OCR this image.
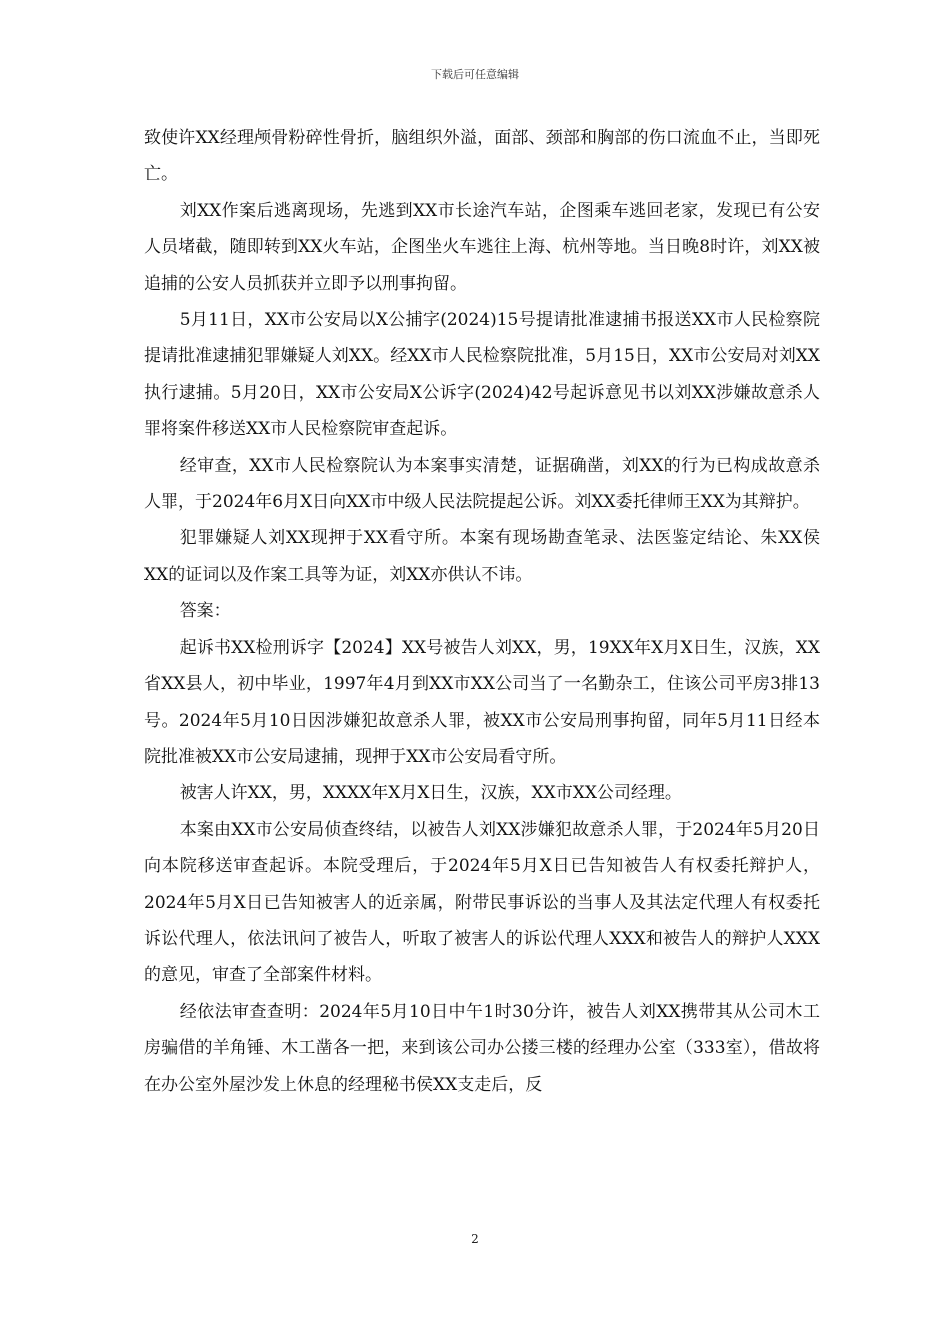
下载后可任意编辑

致使许XX经理颅骨粉碎性骨折，脑组织外溢，面部、颈部和胸部的伤口流血不止，当即死亡。

刘XX作案后逃离现场，先逃到XX市长途汽车站，企图乘车逃回老家，发现已有公安人员堵截，随即转到XX火车站，企图坐火车逃往上海、杭州等地。当日晚8时许，刘XX被追捕的公安人员抓获并立即予以刑事拘留。

5月11日，XX市公安局以X公捕字(2024)15号提请批准逮捕书报送XX市人民检察院提请批准逮捕犯罪嫌疑人刘XX。经XX市人民检察院批准，5月15日，XX市公安局对刘XX执行逮捕。5月20日，XX市公安局X公诉字(2024)42号起诉意见书以刘XX涉嫌故意杀人罪将案件移送XX市人民检察院审查起诉。

经审查，XX市人民检察院认为本案事实清楚，证据确凿，刘XX的行为已构成故意杀人罪，于2024年6月X日向XX市中级人民法院提起公诉。刘XX委托律师王XX为其辩护。

犯罪嫌疑人刘XX现押于XX看守所。本案有现场勘查笔录、法医鉴定结论、朱XX侯XX的证词以及作案工具等为证，刘XX亦供认不讳。

答案：

起诉书XX检刑诉字【2024】XX号被告人刘XX，男，19XX年X月X日生，汉族，XX省XX县人，初中毕业，1997年4月到XX市XX公司当了一名勤杂工，住该公司平房3排13号。2024年5月10日因涉嫌犯故意杀人罪，被XX市公安局刑事拘留，同年5月11日经本院批准被XX市公安局逮捕，现押于XX市公安局看守所。

被害人许XX，男，XXXX年X月X日生，汉族，XX市XX公司经理。

本案由XX市公安局侦查终结，以被告人刘XX涉嫌犯故意杀人罪，于2024年5月20日向本院移送审查起诉。本院受理后，于2024年5月X日已告知被告人有权委托辩护人，2024年5月X日已告知被害人的近亲属，附带民事诉讼的当事人及其法定代理人有权委托诉讼代理人，依法讯问了被告人，听取了被害人的诉讼代理人XXX和被告人的辩护人XXX的意见，审查了全部案件材料。

经依法审查查明：2024年5月10日中午1时30分许，被告人刘XX携带其从公司木工房骗借的羊角锤、木工凿各一把，来到该公司办公搂三楼的经理办公室（333室），借故将在办公室外屋沙发上休息的经理秘书侯XX支走后，反

2
